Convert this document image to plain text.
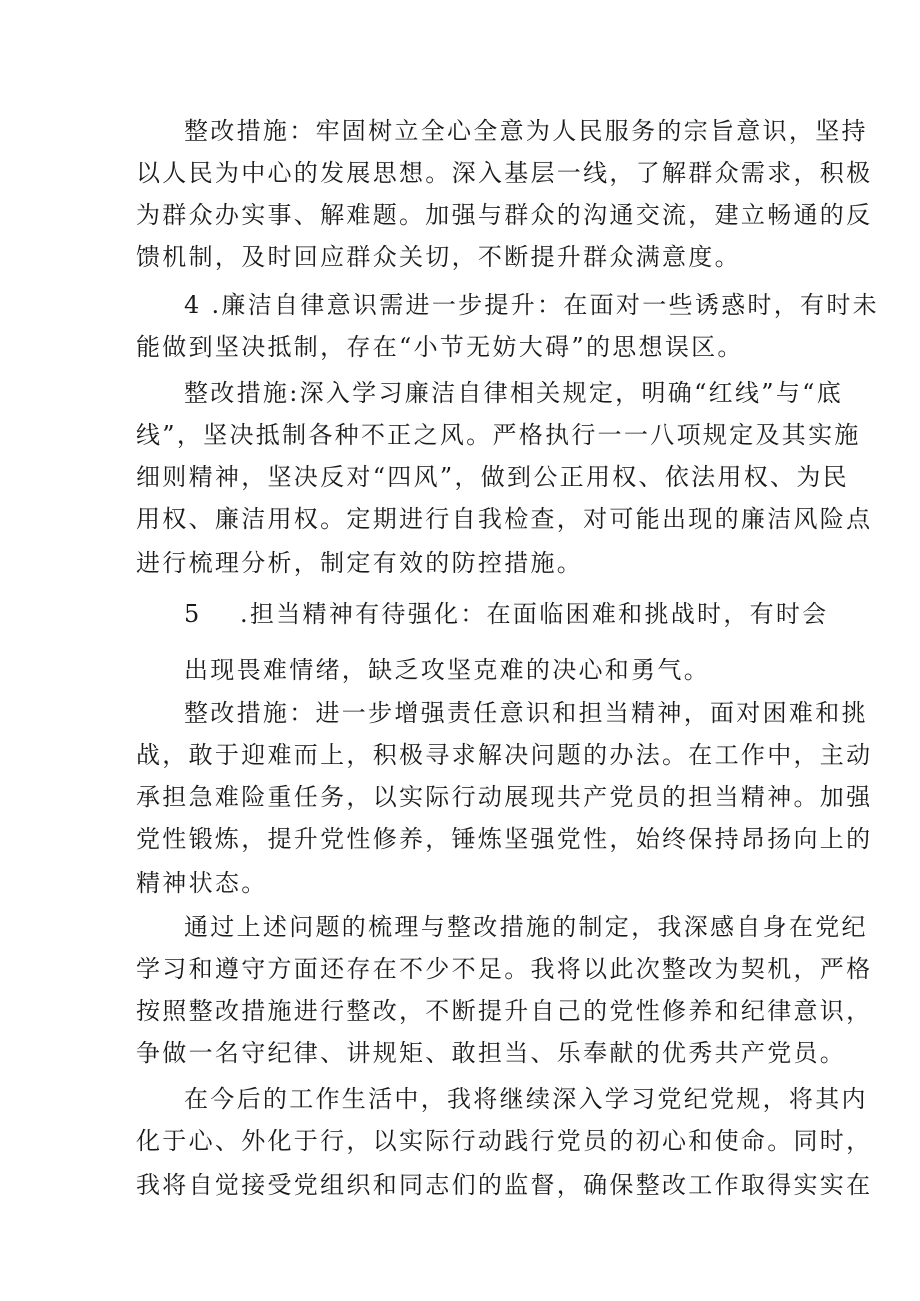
整改措施：牢固树立全心全意为人民服务的宗旨意识，坚持
以人民为中心的发展思想。深入基层一线，了解群众需求，积极
为群众办实事、解难题。加强与群众的沟通交流，建立畅通的反
馈机制，及时回应群众关切，不断提升群众满意度。
4 .廉洁自律意识需进一步提升：在面对一些诱惑时，有时未
能做到坚决抵制，存在“小节无妨大碍”的思想误区。
整改措施:深入学习廉洁自律相关规定，明确“红线”与“底
线”，坚决抵制各种不正之风。严格执行一一八项规定及其实施
细则精神，坚决反对“四风”，做到公正用权、依法用权、为民
用权、廉洁用权。定期进行自我检查，对可能出现的廉洁风险点
进行梳理分析，制定有效的防控措施。
5 .担当精神有待强化：在面临困难和挑战时，有时会
出现畏难情绪，缺乏攻坚克难的决心和勇气。
整改措施：进一步增强责任意识和担当精神，面对困难和挑
战，敢于迎难而上，积极寻求解决问题的办法。在工作中，主动
承担急难险重任务，以实际行动展现共产党员的担当精神。加强
党性锻炼，提升党性修养，锤炼坚强党性，始终保持昂扬向上的
精神状态。
通过上述问题的梳理与整改措施的制定，我深感自身在党纪
学习和遵守方面还存在不少不足。我将以此次整改为契机，严格
按照整改措施进行整改，不断提升自己的党性修养和纪律意识，
争做一名守纪律、讲规矩、敢担当、乐奉献的优秀共产党员。
在今后的工作生活中，我将继续深入学习党纪党规，将其内
化于心、外化于行，以实际行动践行党员的初心和使命。同时，
我将自觉接受党组织和同志们的监督，确保整改工作取得实实在
